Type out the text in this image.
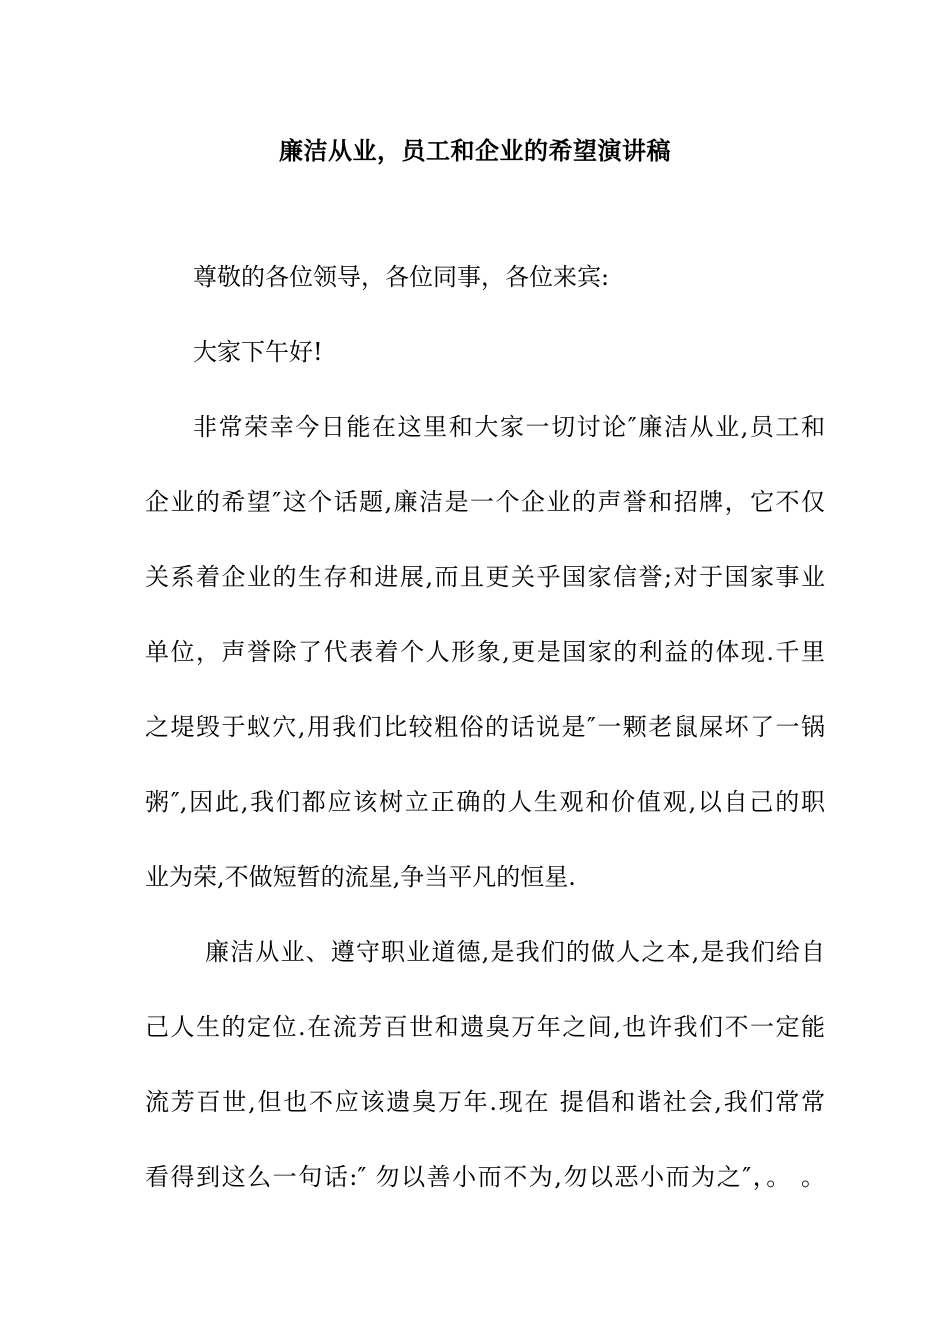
廉洁从业，员工和企业的希望演讲稿

尊敬的各位领导，各位同事，各位来宾:

大家下午好!

非常荣幸今日能在这里和大家一切讨论″廉洁从业,员工和

企业的希望″这个话题,廉洁是一个企业的声誉和招牌，它不仅

关系着企业的生存和进展,而且更关乎国家信誉;对于国家事业

单位，声誉除了代表着个人形象,更是国家的利益的体现.千里

之堤毁于蚁穴,用我们比较粗俗的话说是″一颗老鼠屎坏了一锅

粥″,因此,我们都应该树立正确的人生观和价值观,以自己的职

业为荣,不做短暂的流星,争当平凡的恒星.

廉洁从业、遵守职业道德,是我们的做人之本,是我们给自

己人生的定位.在流芳百世和遗臭万年之间,也许我们不一定能

流芳百世,但也不应该遗臭万年.现在 提倡和谐社会,我们常常

看得到这么一句话:″ 勿以善小而不为,勿以恶小而为之″，。 。
